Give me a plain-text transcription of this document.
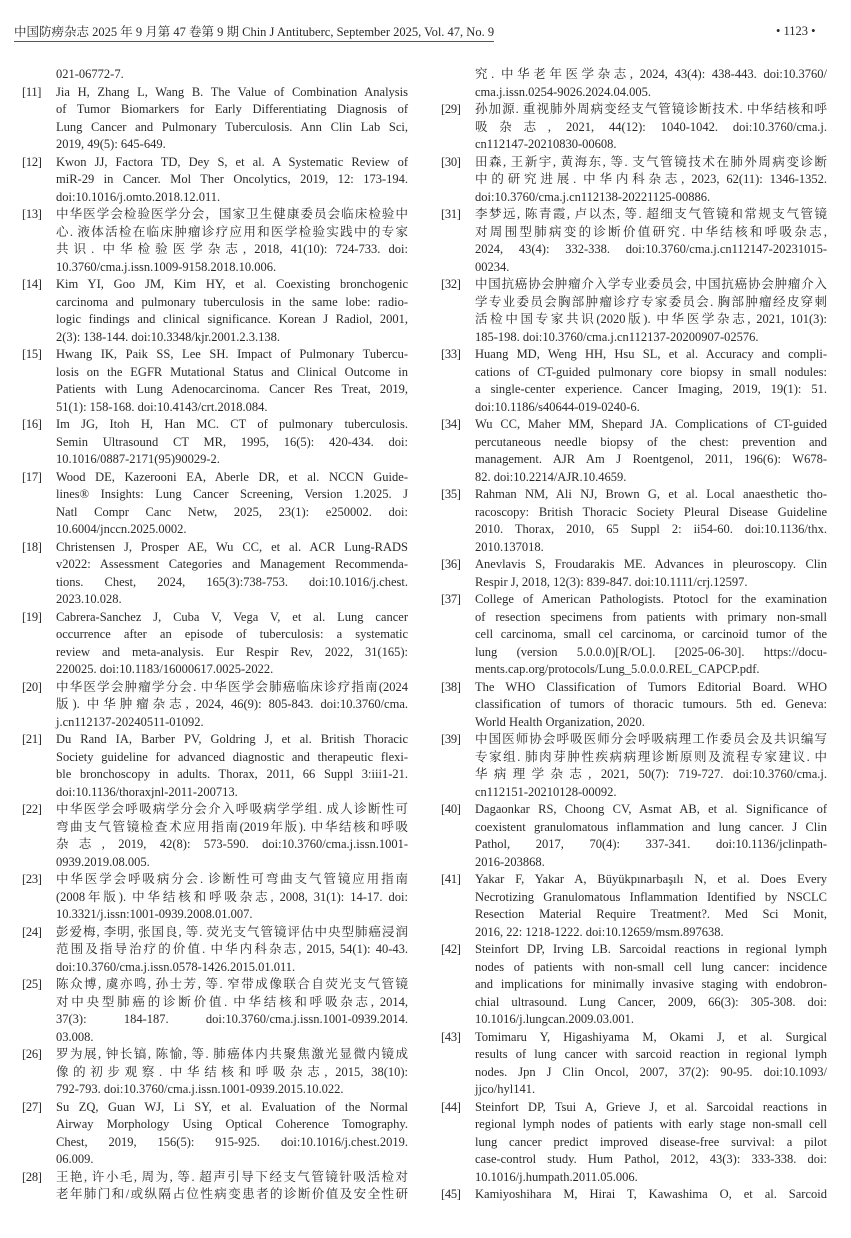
中国防痨杂志 2025 年 9 月第 47 卷第 9 期 Chin J Antituberc, September 2025, Vol. 47, No. 9	• 1123 •
021-06772-7.
[11] Jia H, Zhang L, Wang B. The Value of Combination Analysis
of Tumor Biomarkers for Early Differentiating Diagnosis of
Lung Cancer and Pulmonary Tuberculosis. Ann Clin Lab Sci,
2019, 49(5): 645-649.
[12] Kwon JJ, Factora TD, Dey S, et al. A Systematic Review of
miR-29 in Cancer. Mol Ther Oncolytics, 2019, 12: 173-194.
doi:10.1016/j.omto.2018.12.011.
[13] 中华医学会检验医学分会，国家卫生健康委员会临床检验中
心. 液体活检在临床肿瘤诊疗应用和医学检验实践中的专家
共识. 中华检验医学杂志, 2018, 41(10): 724-733. doi:
10.3760/cma.j.issn.1009-9158.2018.10.006.
[14] Kim YI, Goo JM, Kim HY, et al. Coexisting bronchogenic
carcinoma and pulmonary tuberculosis in the same lobe: radio-
logic findings and clinical significance. Korean J Radiol, 2001,
2(3): 138-144. doi:10.3348/kjr.2001.2.3.138.
[15] Hwang IK, Paik SS, Lee SH. Impact of Pulmonary Tubercu-
losis on the EGFR Mutational Status and Clinical Outcome in
Patients with Lung Adenocarcinoma. Cancer Res Treat, 2019,
51(1): 158-168. doi:10.4143/crt.2018.084.
[16] Im JG, Itoh H, Han MC. CT of pulmonary tuberculosis.
Semin Ultrasound CT MR, 1995, 16(5): 420-434. doi:
10.1016/0887-2171(95)90029-2.
[17] Wood DE, Kazerooni EA, Aberle DR, et al. NCCN Guide-
lines® Insights: Lung Cancer Screening, Version 1.2025. J
Natl Compr Canc Netw, 2025, 23(1): e250002. doi:
10.6004/jnccn.2025.0002.
[18] Christensen J, Prosper AE, Wu CC, et al. ACR Lung-RADS
v2022: Assessment Categories and Management Recommenda-
tions. Chest, 2024, 165(3):738-753. doi:10.1016/j.chest.
2023.10.028.
[19] Cabrera-Sanchez J, Cuba V, Vega V, et al. Lung cancer
occurrence after an episode of tuberculosis: a systematic
review and meta-analysis. Eur Respir Rev, 2022, 31(165):
220025. doi:10.1183/16000617.0025-2022.
[20] 中华医学会肿瘤学分会. 中华医学会肺癌临床诊疗指南(2024
版). 中华肿瘤杂志, 2024, 46(9): 805-843. doi:10.3760/cma.
j.cn112137-20240511-01092.
[21] Du Rand IA, Barber PV, Goldring J, et al. British Thoracic
Society guideline for advanced diagnostic and therapeutic flexi-
ble bronchoscopy in adults. Thorax, 2011, 66 Suppl 3:iii1-21.
doi:10.1136/thoraxjnl-2011-200713.
[22] 中华医学会呼吸病学分会介入呼吸病学学组. 成人诊断性可
弯曲支气管镜检查术应用指南(2019年版). 中华结核和呼吸
杂志, 2019, 42(8): 573-590. doi:10.3760/cma.j.issn.1001-
0939.2019.08.005.
[23] 中华医学会呼吸病分会. 诊断性可弯曲支气管镜应用指南
(2008年版). 中华结核和呼吸杂志, 2008, 31(1): 14-17. doi:
10.3321/j.issn:1001-0939.2008.01.007.
[24] 彭爱梅, 李明, 张国良, 等. 荧光支气管镜评估中央型肺癌浸润
范围及指导治疗的价值. 中华内科杂志, 2015, 54(1): 40-43.
doi:10.3760/cma.j.issn.0578-1426.2015.01.011.
[25] 陈众博, 虞亦鸣, 孙士芳, 等. 窄带成像联合自荧光支气管镜
对中央型肺癌的诊断价值. 中华结核和呼吸杂志, 2014,
37(3): 184-187. doi:10.3760/cma.j.issn.1001-0939.2014.
03.008.
[26] 罗为展, 钟长镐, 陈愉, 等. 肺癌体内共聚焦激光显微内镜成
像的初步观察. 中华结核和呼吸杂志, 2015, 38(10):
792-793. doi:10.3760/cma.j.issn.1001-0939.2015.10.022.
[27] Su ZQ, Guan WJ, Li SY, et al. Evaluation of the Normal
Airway Morphology Using Optical Coherence Tomography.
Chest, 2019, 156(5): 915-925. doi:10.1016/j.chest.2019.
06.009.
[28] 王艳, 许小毛, 周为, 等. 超声引导下经支气管镜针吸活检对
老年肺门和/或纵隔占位性病变患者的诊断价值及安全性研
究. 中华老年医学杂志, 2024, 43(4): 438-443. doi:10.3760/
cma.j.issn.0254-9026.2024.04.005.
[29] 孙加源. 重视肺外周病变经支气管镜诊断技术. 中华结核和呼
吸杂志, 2021, 44(12): 1040-1042. doi:10.3760/cma.j.
cn112147-20210830-00608.
[30] 田森, 王新宇, 黄海东, 等. 支气管镜技术在肺外周病变诊断
中的研究进展. 中华内科杂志, 2023, 62(11): 1346-1352.
doi:10.3760/cma.j.cn112138-20221125-00886.
[31] 李梦远, 陈青霞, 卢以杰, 等. 超细支气管镜和常规支气管镜
对周围型肺病变的诊断价值研究. 中华结核和呼吸杂志,
2024, 43(4): 332-338. doi:10.3760/cma.j.cn112147-20231015-
00234.
[32] 中国抗癌协会肿瘤介入学专业委员会, 中国抗癌协会肿瘤介入
学专业委员会胸部肿瘤诊疗专家委员会. 胸部肿瘤经皮穿刺
活检中国专家共识(2020版). 中华医学杂志, 2021, 101(3):
185-198. doi:10.3760/cma.j.cn112137-20200907-02576.
[33] Huang MD, Weng HH, Hsu SL, et al. Accuracy and compli-
cations of CT-guided pulmonary core biopsy in small nodules:
a single-center experience. Cancer Imaging, 2019, 19(1): 51.
doi:10.1186/s40644-019-0240-6.
[34] Wu CC, Maher MM, Shepard JA. Complications of CT-guided
percutaneous needle biopsy of the chest: prevention and
management. AJR Am J Roentgenol, 2011, 196(6): W678-
82. doi:10.2214/AJR.10.4659.
[35] Rahman NM, Ali NJ, Brown G, et al. Local anaesthetic tho-
racoscopy: British Thoracic Society Pleural Disease Guideline
2010. Thorax, 2010, 65 Suppl 2: ii54-60. doi:10.1136/thx.
2010.137018.
[36] Anevlavis S, Froudarakis ME. Advances in pleuroscopy. Clin
Respir J, 2018, 12(3): 839-847. doi:10.1111/crj.12597.
[37] College of American Pathologists. Ptotocl for the examination
of resection specimens from patients with primary non-small
cell carcinoma, small cel carcinoma, or carcinoid tumor of the
lung (version 5.0.0.0)[R/OL]. [2025-06-30]. https://docu-
ments.cap.org/protocols/Lung_5.0.0.0.REL_CAPCP.pdf.
[38] The WHO Classification of Tumors Editorial Board. WHO
classification of tumors of thoracic tumours. 5th ed. Geneva:
World Health Organization, 2020.
[39] 中国医师协会呼吸医师分会呼吸病理工作委员会及共识编写
专家组. 肺肉芽肿性疾病病理诊断原则及流程专家建议. 中
华病理学杂志, 2021, 50(7): 719-727. doi:10.3760/cma.j.
cn112151-20210128-00092.
[40] Dagaonkar RS, Choong CV, Asmat AB, et al. Significance of
coexistent granulomatous inflammation and lung cancer. J Clin
Pathol, 2017, 70(4): 337-341. doi:10.1136/jclinpath-
2016-203868.
[41] Yakar F, Yakar A, Büyükpınarbaşılı N, et al. Does Every
Necrotizing Granulomatous Inflammation Identified by NSCLC
Resection Material Require Treatment?. Med Sci Monit,
2016, 22: 1218-1222. doi:10.12659/msm.897638.
[42] Steinfort DP, Irving LB. Sarcoidal reactions in regional lymph
nodes of patients with non-small cell lung cancer: incidence
and implications for minimally invasive staging with endobron-
chial ultrasound. Lung Cancer, 2009, 66(3): 305-308. doi:
10.1016/j.lungcan.2009.03.001.
[43] Tomimaru Y, Higashiyama M, Okami J, et al. Surgical
results of lung cancer with sarcoid reaction in regional lymph
nodes. Jpn J Clin Oncol, 2007, 37(2): 90-95. doi:10.1093/
jjco/hyl141.
[44] Steinfort DP, Tsui A, Grieve J, et al. Sarcoidal reactions in
regional lymph nodes of patients with early stage non-small cell
lung cancer predict improved disease-free survival: a pilot
case-control study. Hum Pathol, 2012, 43(3): 333-338. doi:
10.1016/j.humpath.2011.05.006.
[45] Kamiyoshihara M, Hirai T, Kawashima O, et al. Sarcoid
